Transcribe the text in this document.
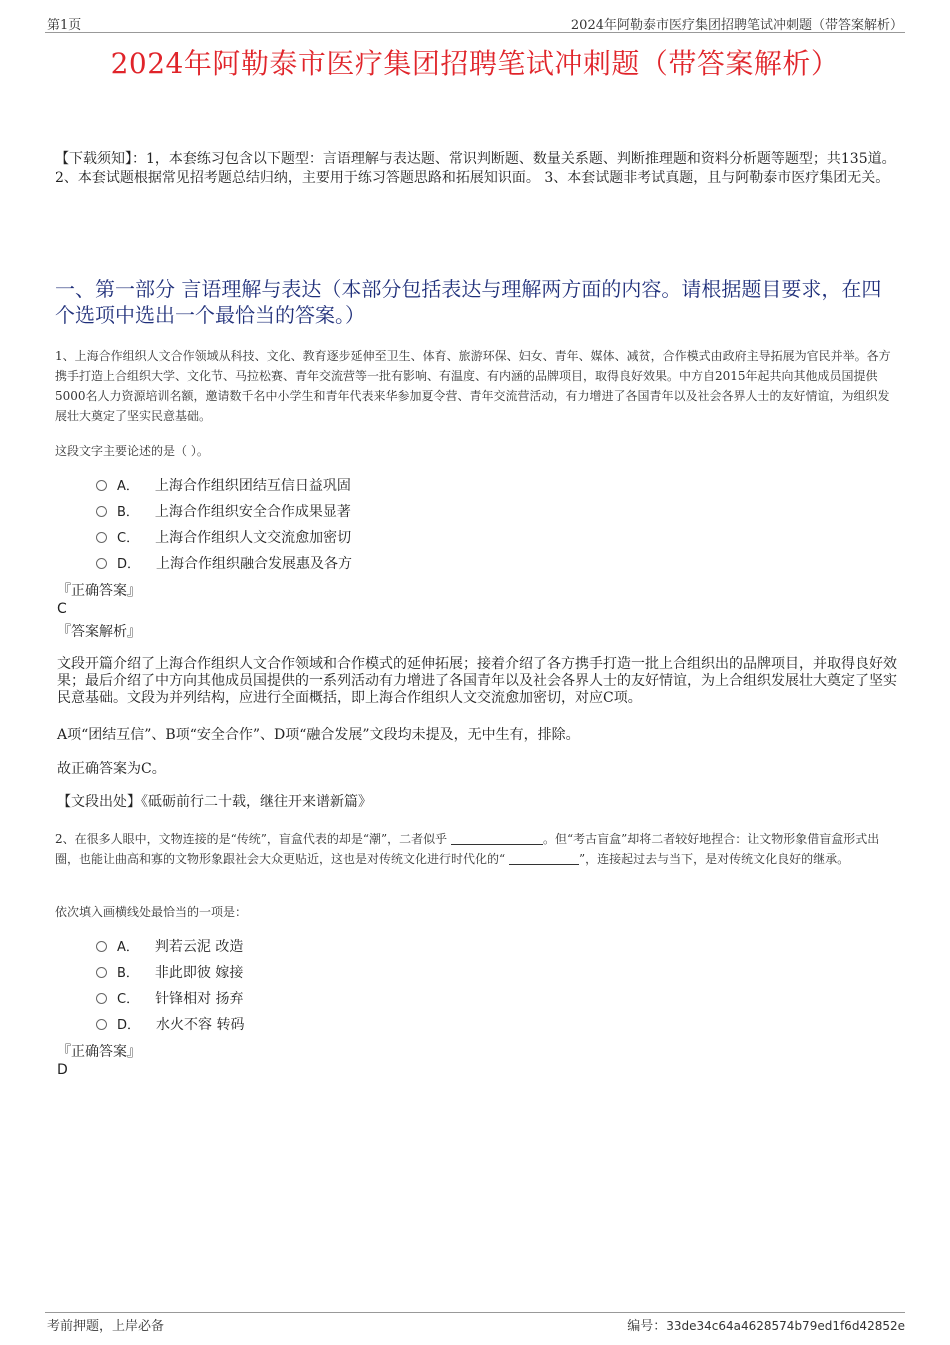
第1页	2024年阿勒泰市医疗集团招聘笔试冲刺题（带答案解析）
2024年阿勒泰市医疗集团招聘笔试冲刺题（带答案解析）
【下载须知】：1，本套练习包含以下题型：言语理解与表达题、常识判断题、数量关系题、判断推理题和资料分析题等题型；共135道。 2、本套试题根据常见招考题总结归纳，主要用于练习答题思路和拓展知识面。 3、本套试题非考试真题，且与阿勒泰市医疗集团无关。
一、第一部分 言语理解与表达（本部分包括表达与理解两方面的内容。请根据题目要求，在四个选项中选出一个最恰当的答案。）
1、上海合作组织人文合作领域从科技、文化、教育逐步延伸至卫生、体育、旅游环保、妇女、青年、媒体、减贫，合作模式由政府主导拓展为官民并举。各方携手打造上合组织大学、文化节、马拉松赛、青年交流营等一批有影响、有温度、有内涵的品牌项目，取得良好效果。中方自2015年起共向其他成员国提供5000名人力资源培训名额，邀请数千名中小学生和青年代表来华参加夏令营、青年交流营活动，有力增进了各国青年以及社会各界人士的友好情谊，为组织发展壮大奠定了坚实民意基础。
这段文字主要论述的是（ ）。
A． 上海合作组织团结互信日益巩固
B． 上海合作组织安全合作成果显著
C． 上海合作组织人文交流愈加密切
D． 上海合作组织融合发展惠及各方
『正确答案』
C
『答案解析』
文段开篇介绍了上海合作组织人文合作领域和合作模式的延伸拓展；接着介绍了各方携手打造一批上合组织出的品牌项目，并取得良好效果；最后介绍了中方向其他成员国提供的一系列活动有力增进了各国青年以及社会各界人士的友好情谊，为上合组织发展壮大奠定了坚实民意基础。文段为并列结构，应进行全面概括，即上海合作组织人文交流愈加密切，对应C项。
A项“团结互信”、B项“安全合作”、D项“融合发展”文段均未提及，无中生有，排除。
故正确答案为C。
【文段出处】《砥砺前行二十载，继往开来谱新篇》
2、在很多人眼中，文物连接的是“传统”，盲盒代表的却是“潮”，二者似乎	。但“考古盲盒”却将二者较好地捏合：让文物形象借盲盒形式出圈，也能让曲高和寡的文物形象跟社会大众更贴近，这也是对传统文化进行时代化的“	”，连接起过去与当下，是对传统文化良好的继承。
依次填入画横线处最恰当的一项是：
A． 判若云泥 改造
B． 非此即彼 嫁接
C． 针锋相对 扬弃
D． 水火不容 转码
『正确答案』
D
考前押题，上岸必备	编号：33de34c64a4628574b79ed1f6d42852e
